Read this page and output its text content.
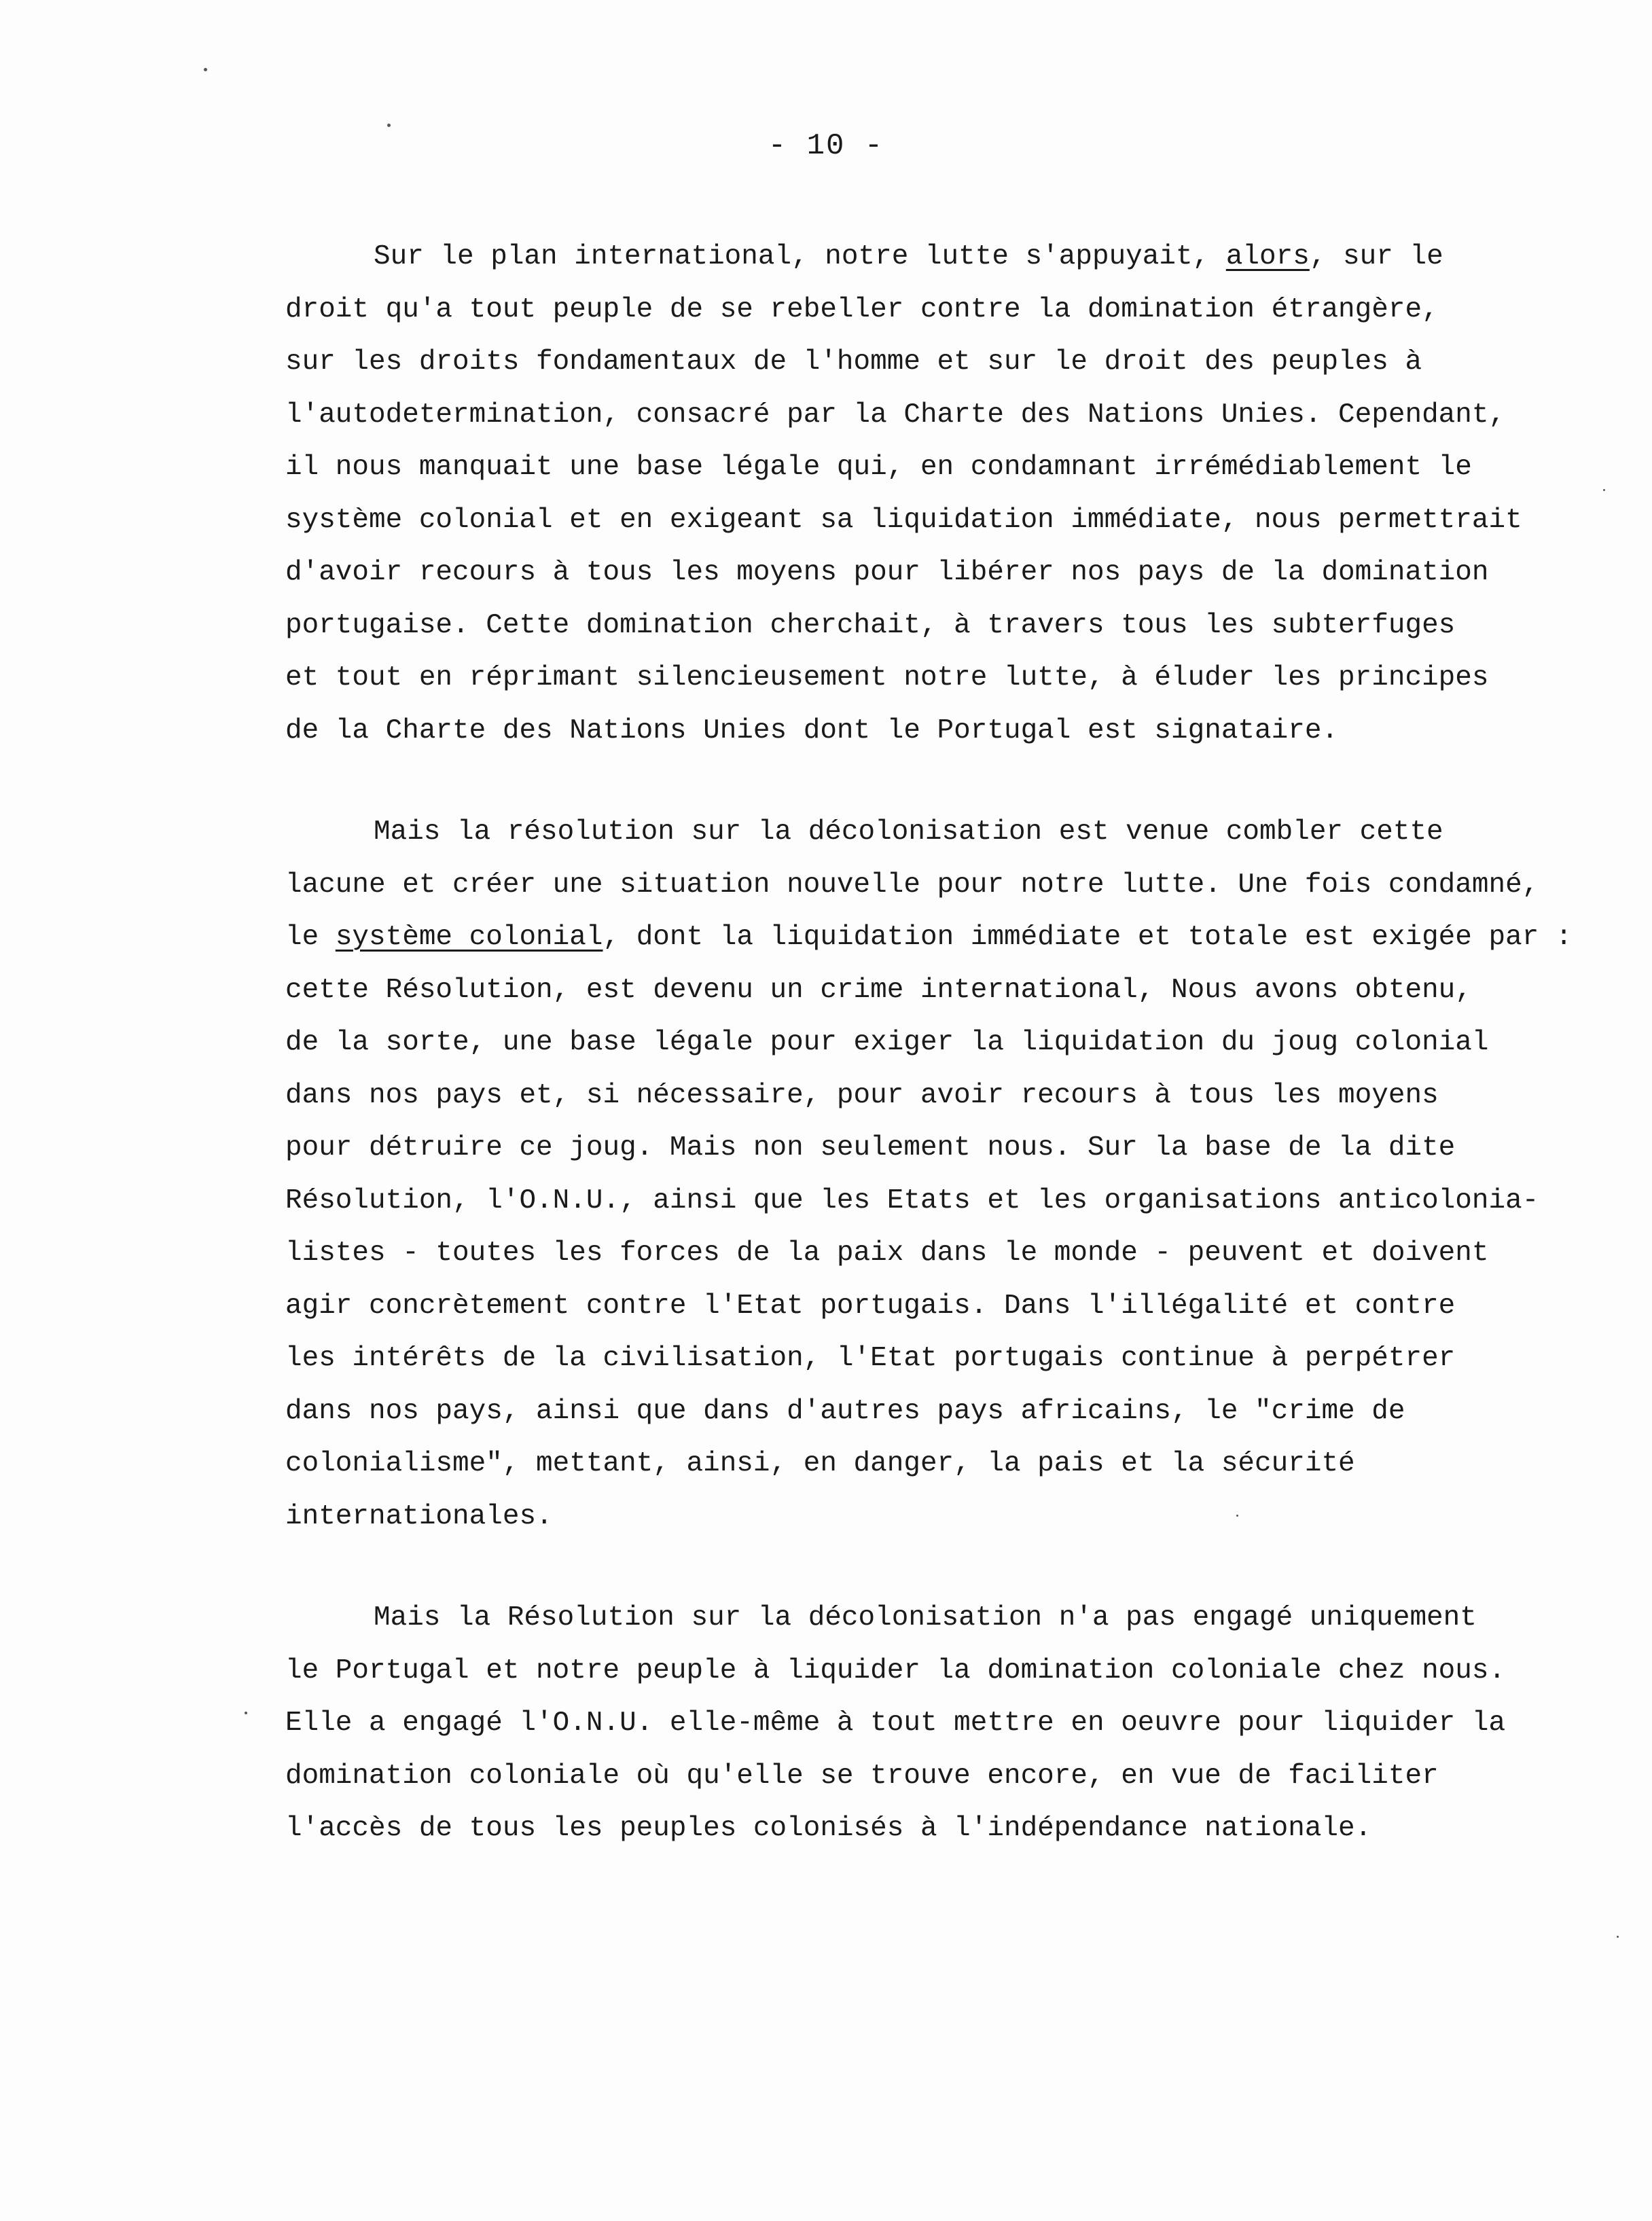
- 10 -

Sur le plan international, notre lutte s'appuyait, alors, sur le
droit qu'a tout peuple de se rebeller contre la domination étrangère,
sur les droits fondamentaux de l'homme et sur le droit des peuples à
l'autodetermination, consacré par la Charte des Nations Unies. Cependant,
il nous manquait une base légale qui, en condamnant irrémédiablement le
système colonial et en exigeant sa liquidation immédiate, nous permettrait
d'avoir recours à tous les moyens pour libérer nos pays de la domination
portugaise. Cette domination cherchait, à travers tous les subterfuges
et tout en réprimant silencieusement notre lutte, à éluder les principes
de la Charte des Nations Unies dont le Portugal est signataire.

Mais la résolution sur la décolonisation est venue combler cette
lacune et créer une situation nouvelle pour notre lutte. Une fois condamné,
le système colonial, dont la liquidation immédiate et totale est exigée par :
cette Résolution, est devenu un crime international, Nous avons obtenu,
de la sorte, une base légale pour exiger la liquidation du joug colonial
dans nos pays et, si nécessaire, pour avoir recours à tous les moyens
pour détruire ce joug. Mais non seulement nous. Sur la base de la dite
Résolution, l'O.N.U., ainsi que les Etats et les organisations anticolonia-
listes - toutes les forces de la paix dans le monde - peuvent et doivent
agir concrètement contre l'Etat portugais. Dans l'illégalité et contre
les intérêts de la civilisation, l'Etat portugais continue à perpétrer
dans nos pays, ainsi que dans d'autres pays africains, le "crime de
colonialisme", mettant, ainsi, en danger, la pais et la sécurité
internationales.

Mais la Résolution sur la décolonisation n'a pas engagé uniquement
le Portugal et notre peuple à liquider la domination coloniale chez nous.
Elle a engagé l'O.N.U. elle-même à tout mettre en oeuvre pour liquider la
domination coloniale où qu'elle se trouve encore, en vue de faciliter
l'accès de tous les peuples colonisés à l'indépendance nationale.
